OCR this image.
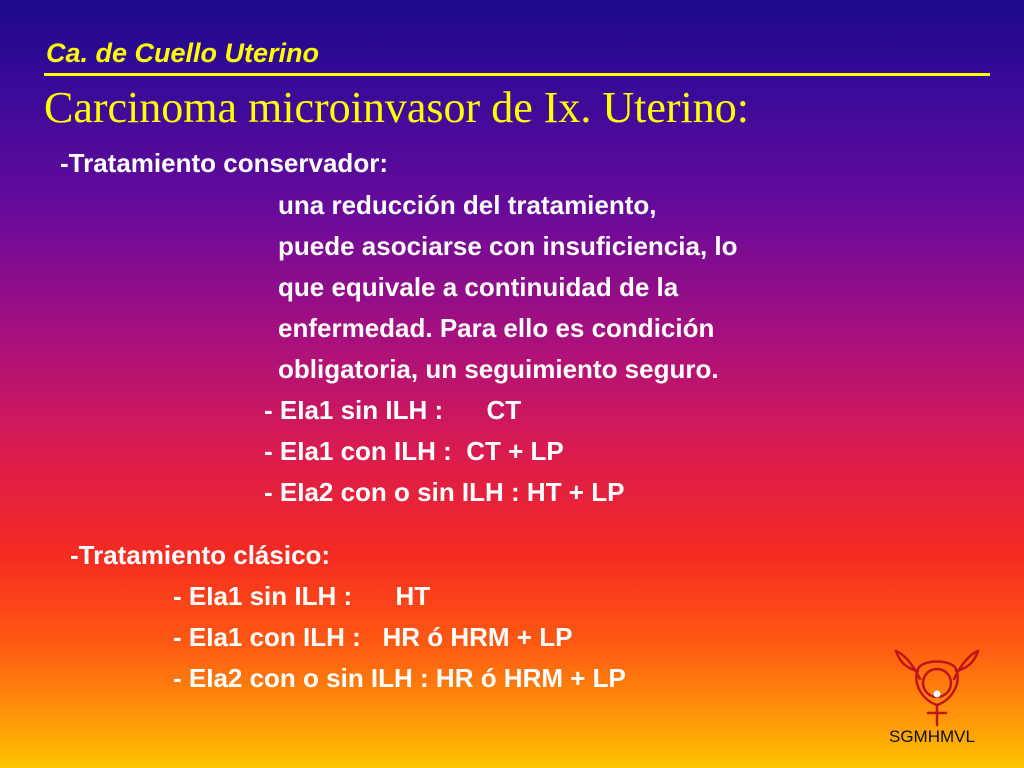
Ca. de Cuello Uterino
Carcinoma microinvasor de Ix. Uterino:
-Tratamiento conservador:
una reducción del tratamiento,
puede asociarse con insuficiencia, lo
que equivale a continuidad de la
enfermedad. Para ello es condición
obligatoria, un seguimiento seguro.
- EIa1 sin ILH :      CT
- EIa1 con ILH :  CT + LP
- EIa2 con o sin ILH : HT + LP
-Tratamiento clásico:
- EIa1 sin ILH :      HT
- EIa1 con ILH :   HR ó HRM + LP
- EIa2 con o sin ILH : HR ó HRM + LP
SGMHMVL
